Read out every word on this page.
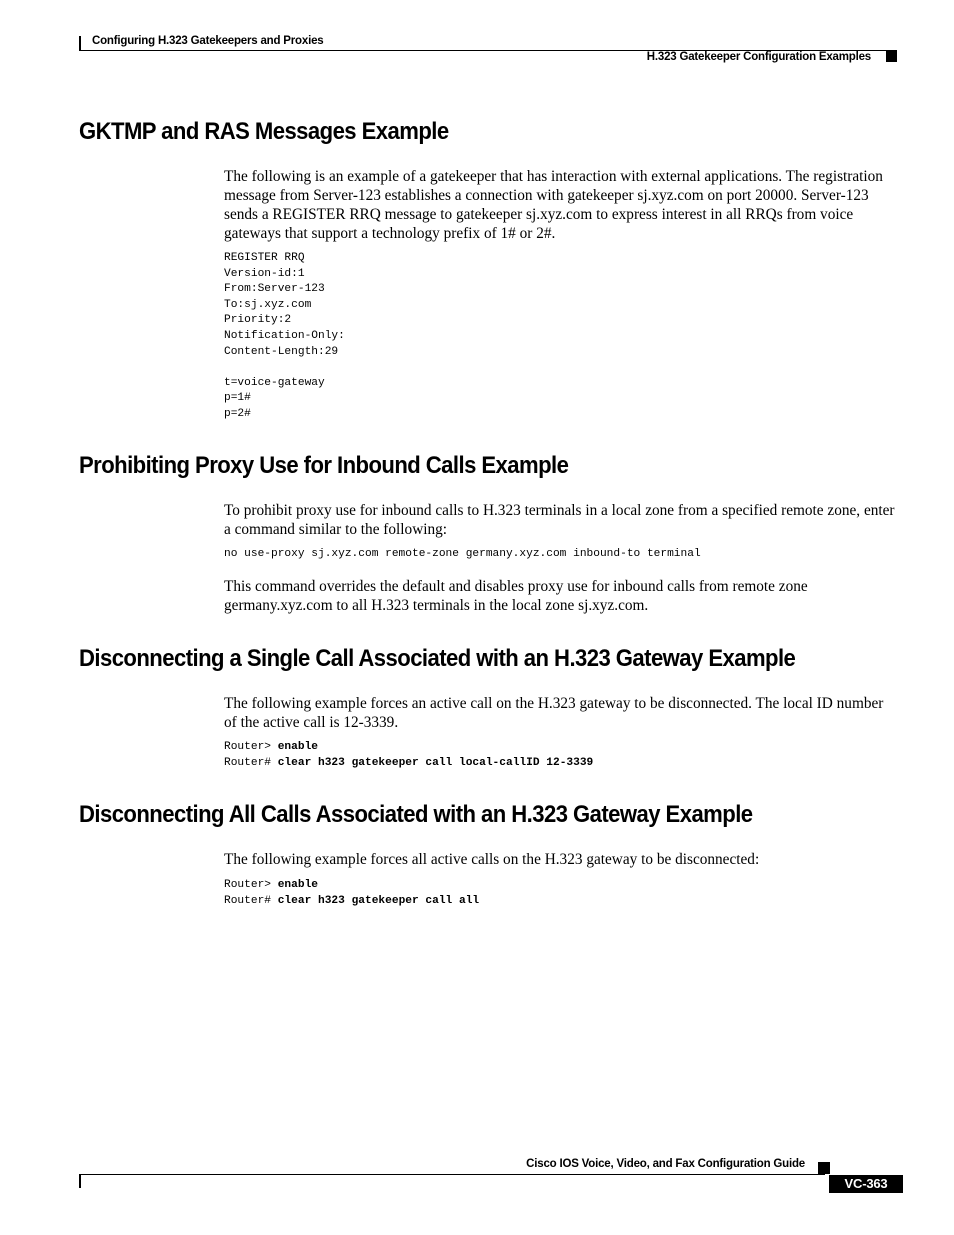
Configuring H.323 Gatekeepers and Proxies
H.323 Gatekeeper Configuration Examples
GKTMP and RAS Messages Example
The following is an example of a gatekeeper that has interaction with external applications. The registration message from Server-123 establishes a connection with gatekeeper sj.xyz.com on port 20000. Server-123 sends a REGISTER RRQ message to gatekeeper sj.xyz.com to express interest in all RRQs from voice gateways that support a technology prefix of 1# or 2#.
REGISTER RRQ
Version-id:1
From:Server-123
To:sj.xyz.com
Priority:2
Notification-Only:
Content-Length:29
t=voice-gateway
p=1#
p=2#
Prohibiting Proxy Use for Inbound Calls Example
To prohibit proxy use for inbound calls to H.323 terminals in a local zone from a specified remote zone, enter a command similar to the following:
no use-proxy sj.xyz.com remote-zone germany.xyz.com inbound-to terminal
This command overrides the default and disables proxy use for inbound calls from remote zone germany.xyz.com to all H.323 terminals in the local zone sj.xyz.com.
Disconnecting a Single Call Associated with an H.323 Gateway Example
The following example forces an active call on the H.323 gateway to be disconnected. The local ID number of the active call is 12-3339.
Router> enable
Router# clear h323 gatekeeper call local-callID 12-3339
Disconnecting All Calls Associated with an H.323 Gateway Example
The following example forces all active calls on the H.323 gateway to be disconnected:
Router> enable
Router# clear h323 gatekeeper call all
Cisco IOS Voice, Video, and Fax Configuration Guide
VC-363
